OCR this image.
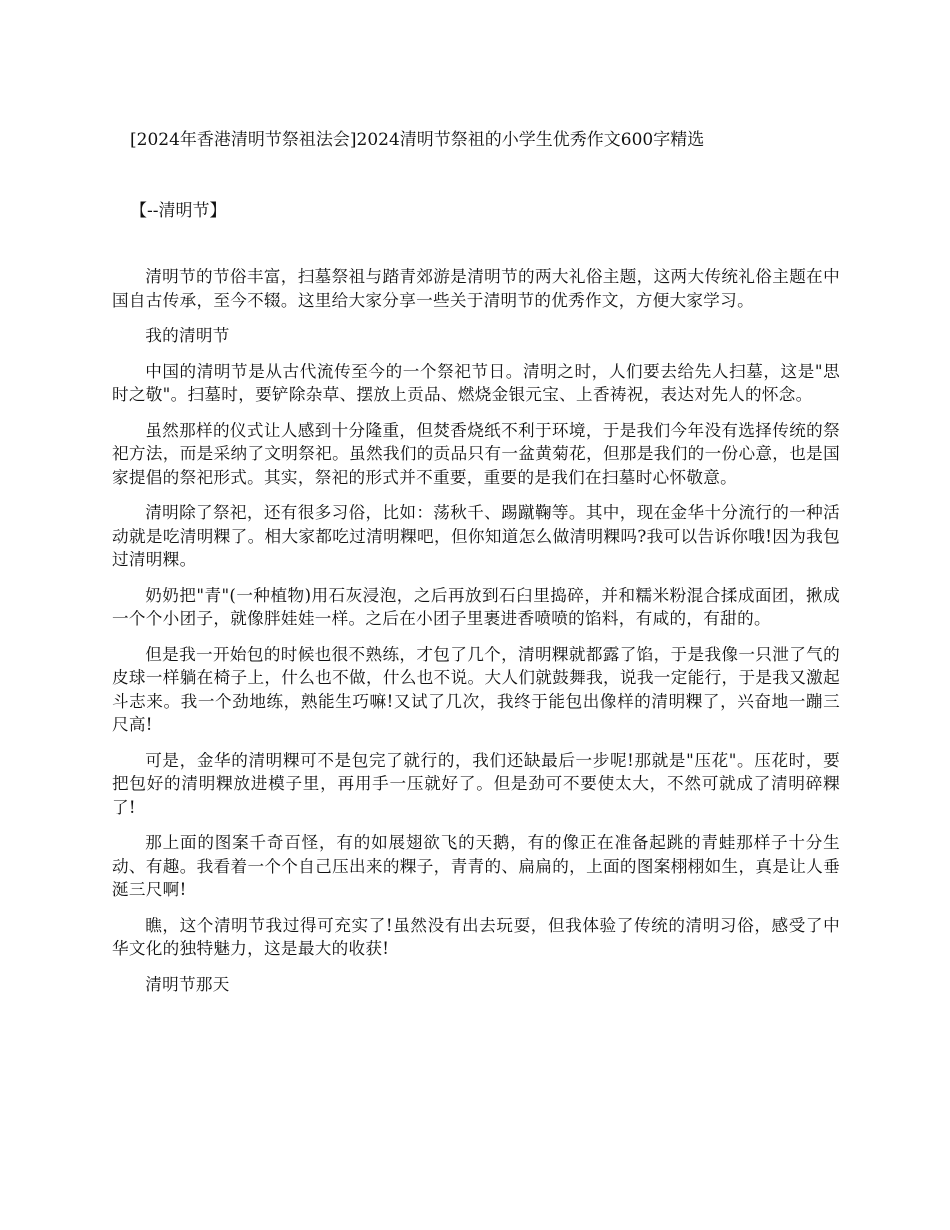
[2024年香港清明节祭祖法会]2024清明节祭祖的小学生优秀作文600字精选
【--清明节】

清明节的节俗丰富，扫墓祭祖与踏青郊游是清明节的两大礼俗主题，这两大传统礼俗主题在中国自古传承，至今不辍。这里给大家分享一些关于清明节的优秀作文，方便大家学习。

我的清明节

中国的清明节是从古代流传至今的一个祭祀节日。清明之时，人们要去给先人扫墓，这是"思时之敬"。扫墓时，要铲除杂草、摆放上贡品、燃烧金银元宝、上香祷祝，表达对先人的怀念。

虽然那样的仪式让人感到十分隆重，但焚香烧纸不利于环境，于是我们今年没有选择传统的祭祀方法，而是采纳了文明祭祀。虽然我们的贡品只有一盆黄菊花，但那是我们的一份心意，也是国家提倡的祭祀形式。其实，祭祀的形式并不重要，重要的是我们在扫墓时心怀敬意。

清明除了祭祀，还有很多习俗，比如：荡秋千、踢蹴鞠等。其中，现在金华十分流行的一种活动就是吃清明粿了。相大家都吃过清明粿吧，但你知道怎么做清明粿吗?我可以告诉你哦!因为我包过清明粿。

奶奶把"青"(一种植物)用石灰浸泡，之后再放到石臼里捣碎，并和糯米粉混合揉成面团，揪成一个个小团子，就像胖娃娃一样。之后在小团子里裹进香喷喷的馅料，有咸的，有甜的。

但是我一开始包的时候也很不熟练，才包了几个，清明粿就都露了馅，于是我像一只泄了气的皮球一样躺在椅子上，什么也不做，什么也不说。大人们就鼓舞我，说我一定能行，于是我又激起斗志来。我一个劲地练，熟能生巧嘛!又试了几次，我终于能包出像样的清明粿了，兴奋地一蹦三尺高!

可是，金华的清明粿可不是包完了就行的，我们还缺最后一步呢!那就是"压花"。压花时，要把包好的清明粿放进模子里，再用手一压就好了。但是劲可不要使太大，不然可就成了清明碎粿了!

那上面的图案千奇百怪，有的如展翅欲飞的天鹅，有的像正在准备起跳的青蛙那样子十分生动、有趣。我看着一个个自己压出来的粿子，青青的、扁扁的，上面的图案栩栩如生，真是让人垂涎三尺啊!

瞧，这个清明节我过得可充实了!虽然没有出去玩耍，但我体验了传统的清明习俗，感受了中华文化的独特魅力，这是最大的收获!

清明节那天
